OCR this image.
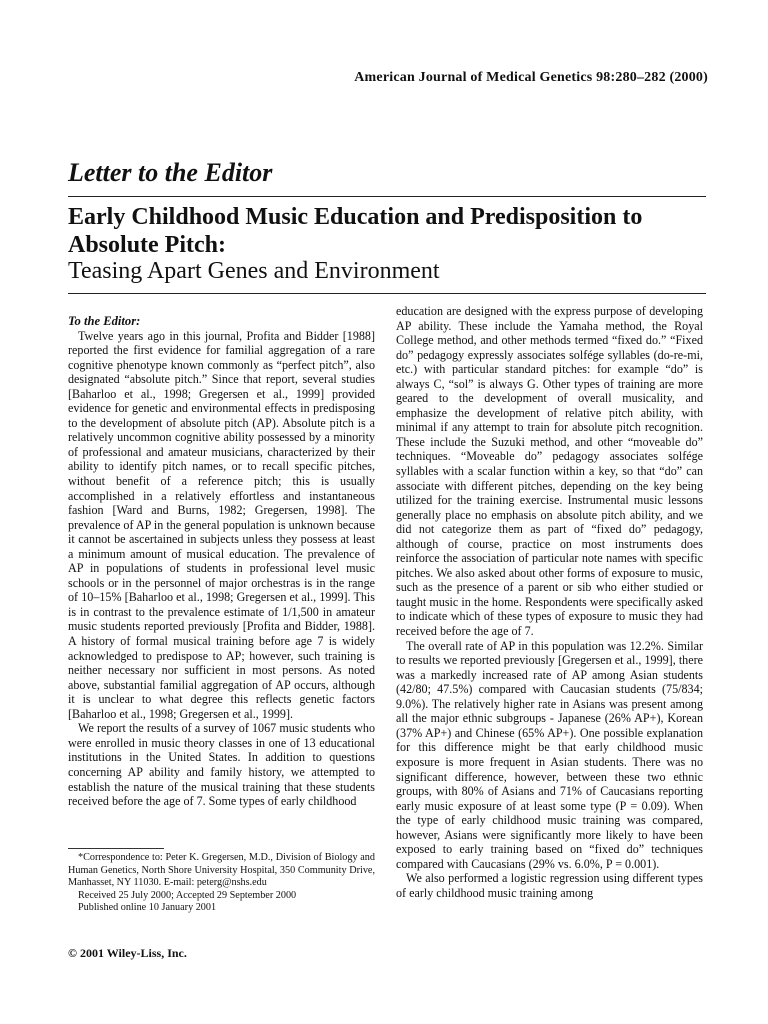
American Journal of Medical Genetics 98:280–282 (2000)
Letter to the Editor
Early Childhood Music Education and Predisposition to Absolute Pitch:
Teasing Apart Genes and Environment

To the Editor:

Twelve years ago in this journal, Profita and Bidder [1988] reported the first evidence for familial aggregation of a rare cognitive phenotype known commonly as “perfect pitch”, also designated “absolute pitch.” Since that report, several studies [Baharloo et al., 1998; Gregersen et al., 1999] provided evidence for genetic and environmental effects in predisposing to the development of absolute pitch (AP). Absolute pitch is a relatively uncommon cognitive ability possessed by a minority of professional and amateur musicians, characterized by their ability to identify pitch names, or to recall specific pitches, without benefit of a reference pitch; this is usually accomplished in a relatively effortless and instantaneous fashion [Ward and Burns, 1982; Gregersen, 1998]. The prevalence of AP in the general population is unknown because it cannot be ascertained in subjects unless they possess at least a minimum amount of musical education. The prevalence of AP in populations of students in professional level music schools or in the personnel of major orchestras is in the range of 10–15% [Baharloo et al., 1998; Gregersen et al., 1999]. This is in contrast to the prevalence estimate of 1/1,500 in amateur music students reported previously [Profita and Bidder, 1988]. A history of formal musical training before age 7 is widely acknowledged to predispose to AP; however, such training is neither necessary nor sufficient in most persons. As noted above, substantial familial aggregation of AP occurs, although it is unclear to what degree this reflects genetic factors [Baharloo et al., 1998; Gregersen et al., 1999].

We report the results of a survey of 1067 music students who were enrolled in music theory classes in one of 13 educational institutions in the United States. In addition to questions concerning AP ability and family history, we attempted to establish the nature of the musical training that these students received before the age of 7. Some types of early childhood

education are designed with the express purpose of developing AP ability. These include the Yamaha method, the Royal College method, and other methods termed “fixed do.” “Fixed do” pedagogy expressly associates solfége syllables (do-re-mi, etc.) with particular standard pitches: for example “do” is always C, “sol” is always G. Other types of training are more geared to the development of overall musicality, and emphasize the development of relative pitch ability, with minimal if any attempt to train for absolute pitch recognition. These include the Suzuki method, and other “moveable do” techniques. “Moveable do” pedagogy associates solfége syllables with a scalar function within a key, so that “do” can associate with different pitches, depending on the key being utilized for the training exercise. Instrumental music lessons generally place no emphasis on absolute pitch ability, and we did not categorize them as part of “fixed do” pedagogy, although of course, practice on most instruments does reinforce the association of particular note names with specific pitches. We also asked about other forms of exposure to music, such as the presence of a parent or sib who either studied or taught music in the home. Respondents were specifically asked to indicate which of these types of exposure to music they had received before the age of 7.

The overall rate of AP in this population was 12.2%. Similar to results we reported previously [Gregersen et al., 1999], there was a markedly increased rate of AP among Asian students (42/80; 47.5%) compared with Caucasian students (75/834; 9.0%). The relatively higher rate in Asians was present among all the major ethnic subgroups - Japanese (26% AP+), Korean (37% AP+) and Chinese (65% AP+). One possible explanation for this difference might be that early childhood music exposure is more frequent in Asian students. There was no significant difference, however, between these two ethnic groups, with 80% of Asians and 71% of Caucasians reporting early music exposure of at least some type (P = 0.09). When the type of early childhood music training was compared, however, Asians were significantly more likely to have been exposed to early training based on “fixed do” techniques compared with Caucasians (29% vs. 6.0%, P = 0.001).

We also performed a logistic regression using different types of early childhood music training among

*Correspondence to: Peter K. Gregersen, M.D., Division of Biology and Human Genetics, North Shore University Hospital, 350 Community Drive, Manhasset, NY 11030. E-mail: peterg@nshs.edu

Received 25 July 2000; Accepted 29 September 2000

Published online 10 January 2001

© 2001 Wiley-Liss, Inc.
